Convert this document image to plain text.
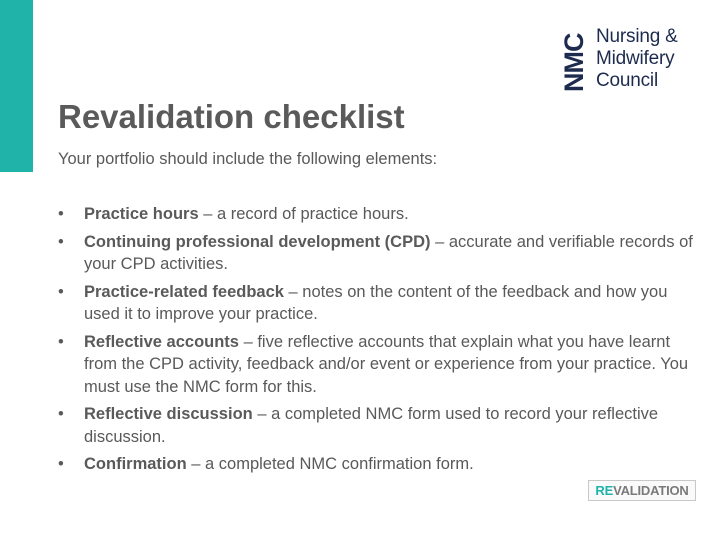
NMC Nursing &
Midwifery
Council
Revalidation checklist
Your portfolio should include the following elements:
• Practice hours – a record of practice hours.
• Continuing professional development (CPD) – accurate and verifiable records of your CPD activities.
• Practice-related feedback – notes on the content of the feedback and how you used it to improve your practice.
• Reflective accounts – five reflective accounts that explain what you have learnt from the CPD activity, feedback and/or event or experience from your practice. You must use the NMC form for this.
• Reflective discussion – a completed NMC form used to record your reflective discussion.
• Confirmation – a completed NMC confirmation form.
REVALIDATION
